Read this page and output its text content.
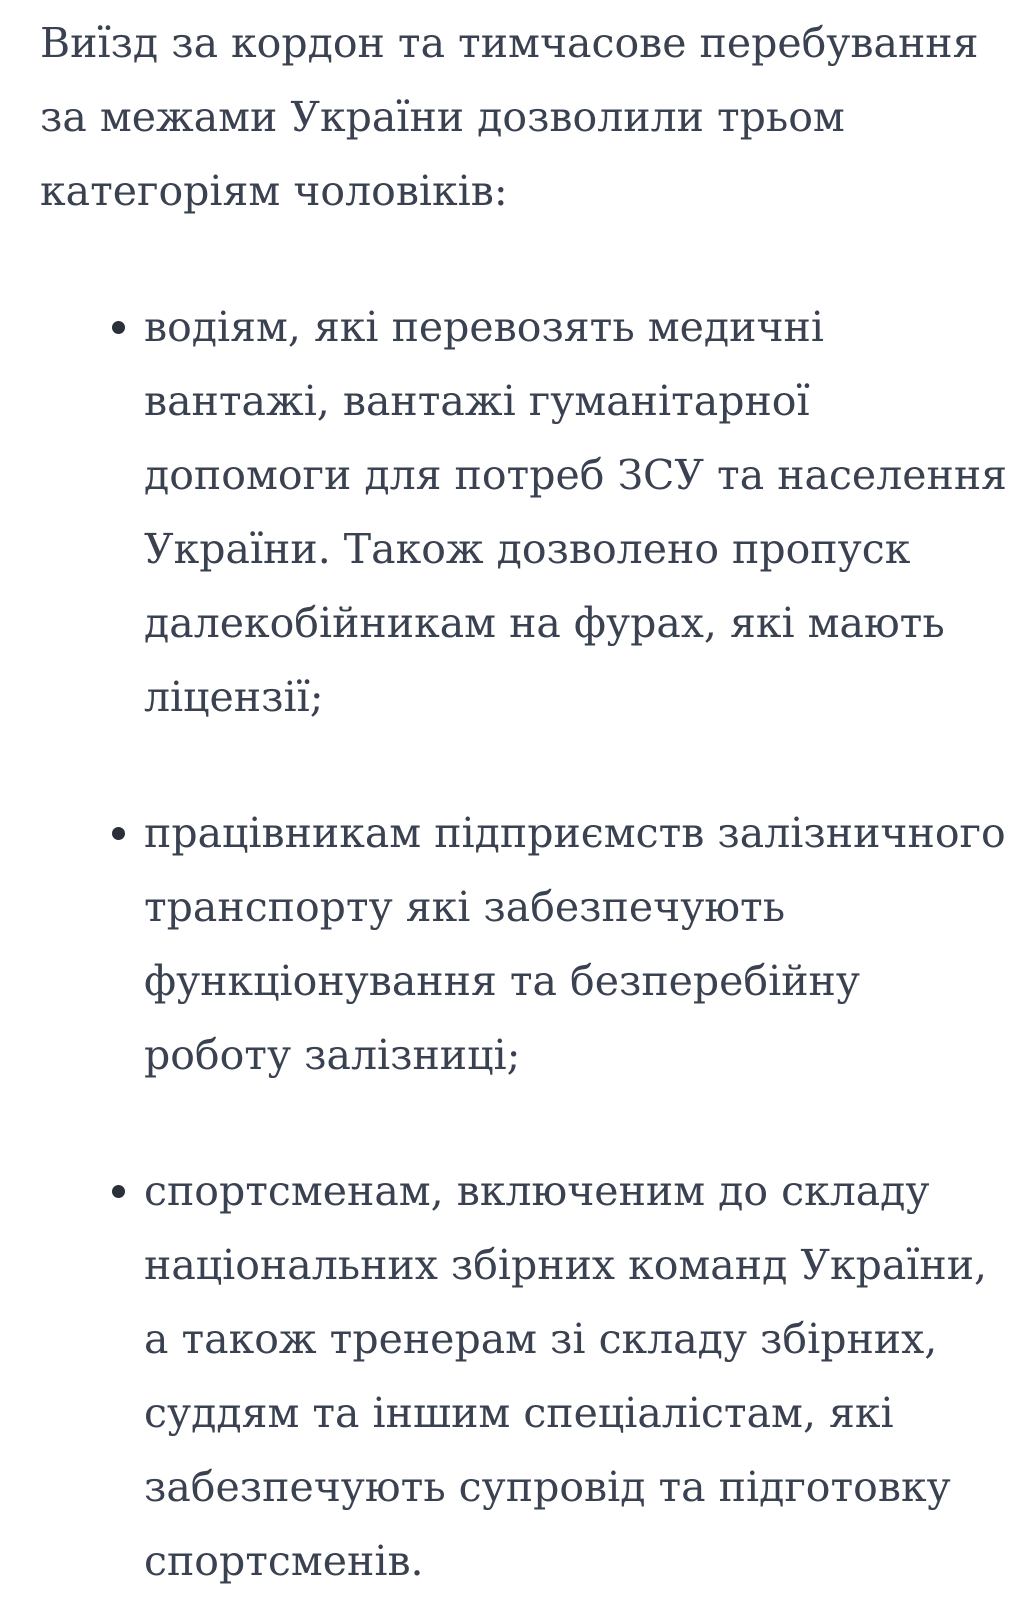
Виїзд за кордон та тимчасове перебування за межами України дозволили трьом категоріям чоловіків:

водіям, які перевозять медичні вантажі, вантажі гуманітарної допомоги для потреб ЗСУ та населення України. Також дозволено пропуск далекобійникам на фурах, які мають ліцензії;
працівникам підприємств залізничного транспорту які забезпечують функціонування та безперебійну роботу залізниці;
спортсменам, включеним до складу національних збірних команд України, а також тренерам зі складу збірних, суддям та іншим спеціалістам, які забезпечують супровід та підготовку спортсменів.
